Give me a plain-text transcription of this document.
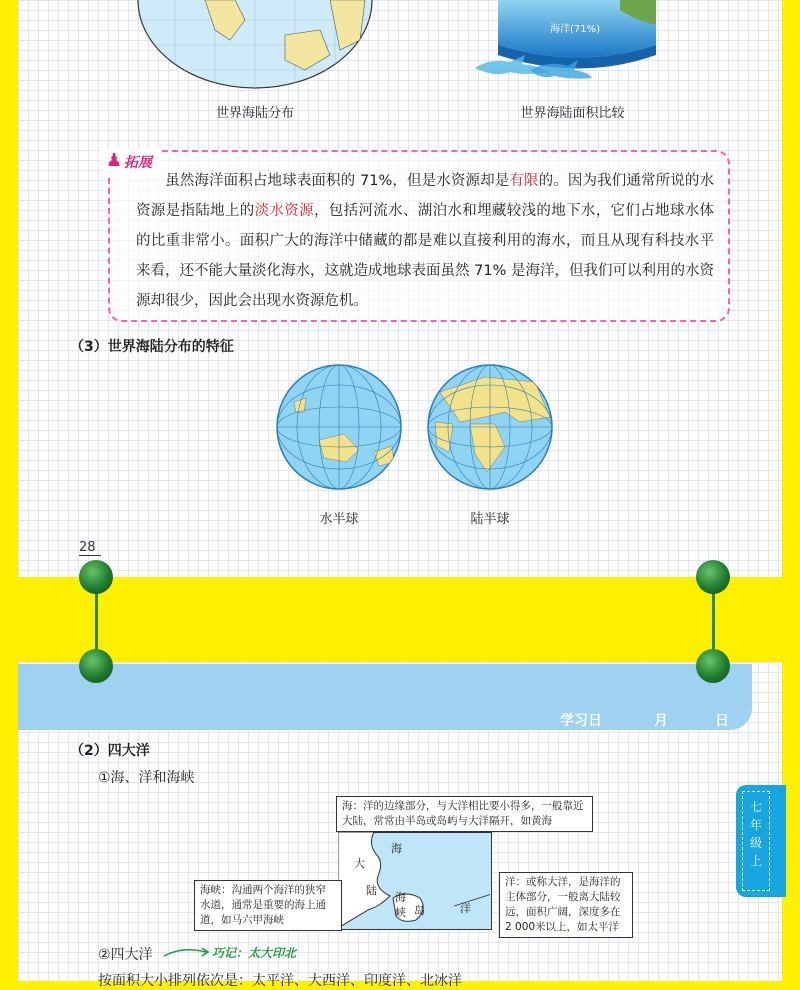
世界海陆分布
海洋(71%)
世界海陆面积比较
♟ 拓展
  虽然海洋面积占地球表面积的 71%，但是水资源却是有限的。因为我们通常所说的水资源是指陆地上的淡水资源，包括河流水、湖泊水和埋藏较浅的地下水，它们占地球水体的比重非常小。面积广大的海洋中储藏的都是难以直接利用的海水，而且从现有科技水平来看，还不能大量淡化海水，这就造成地球表面虽然 71% 是海洋，但我们可以利用的水资源却很少，因此会出现水资源危机。
（3）世界海陆分布的特征
水半球	陆半球
28
学习日	月	日
七
年
级
上
（2）四大洋
①海、洋和海峡
大
陆
海
海
峡 岛	洋
海：洋的边缘部分，与大洋相比要小得多，一般靠近大陆，常常由半岛或岛屿与大洋隔开，如黄海
海峡：沟通两个海洋的狭窄水道，通常是重要的海上通道，如马六甲海峡
洋：或称大洋，是海洋的主体部分，一般离大陆较远，面积广阔，深度多在2 000米以上，如太平洋
②四大洋	巧记：太大印北
按面积大小排列依次是：太平洋、大西洋、印度洋、北冰洋
